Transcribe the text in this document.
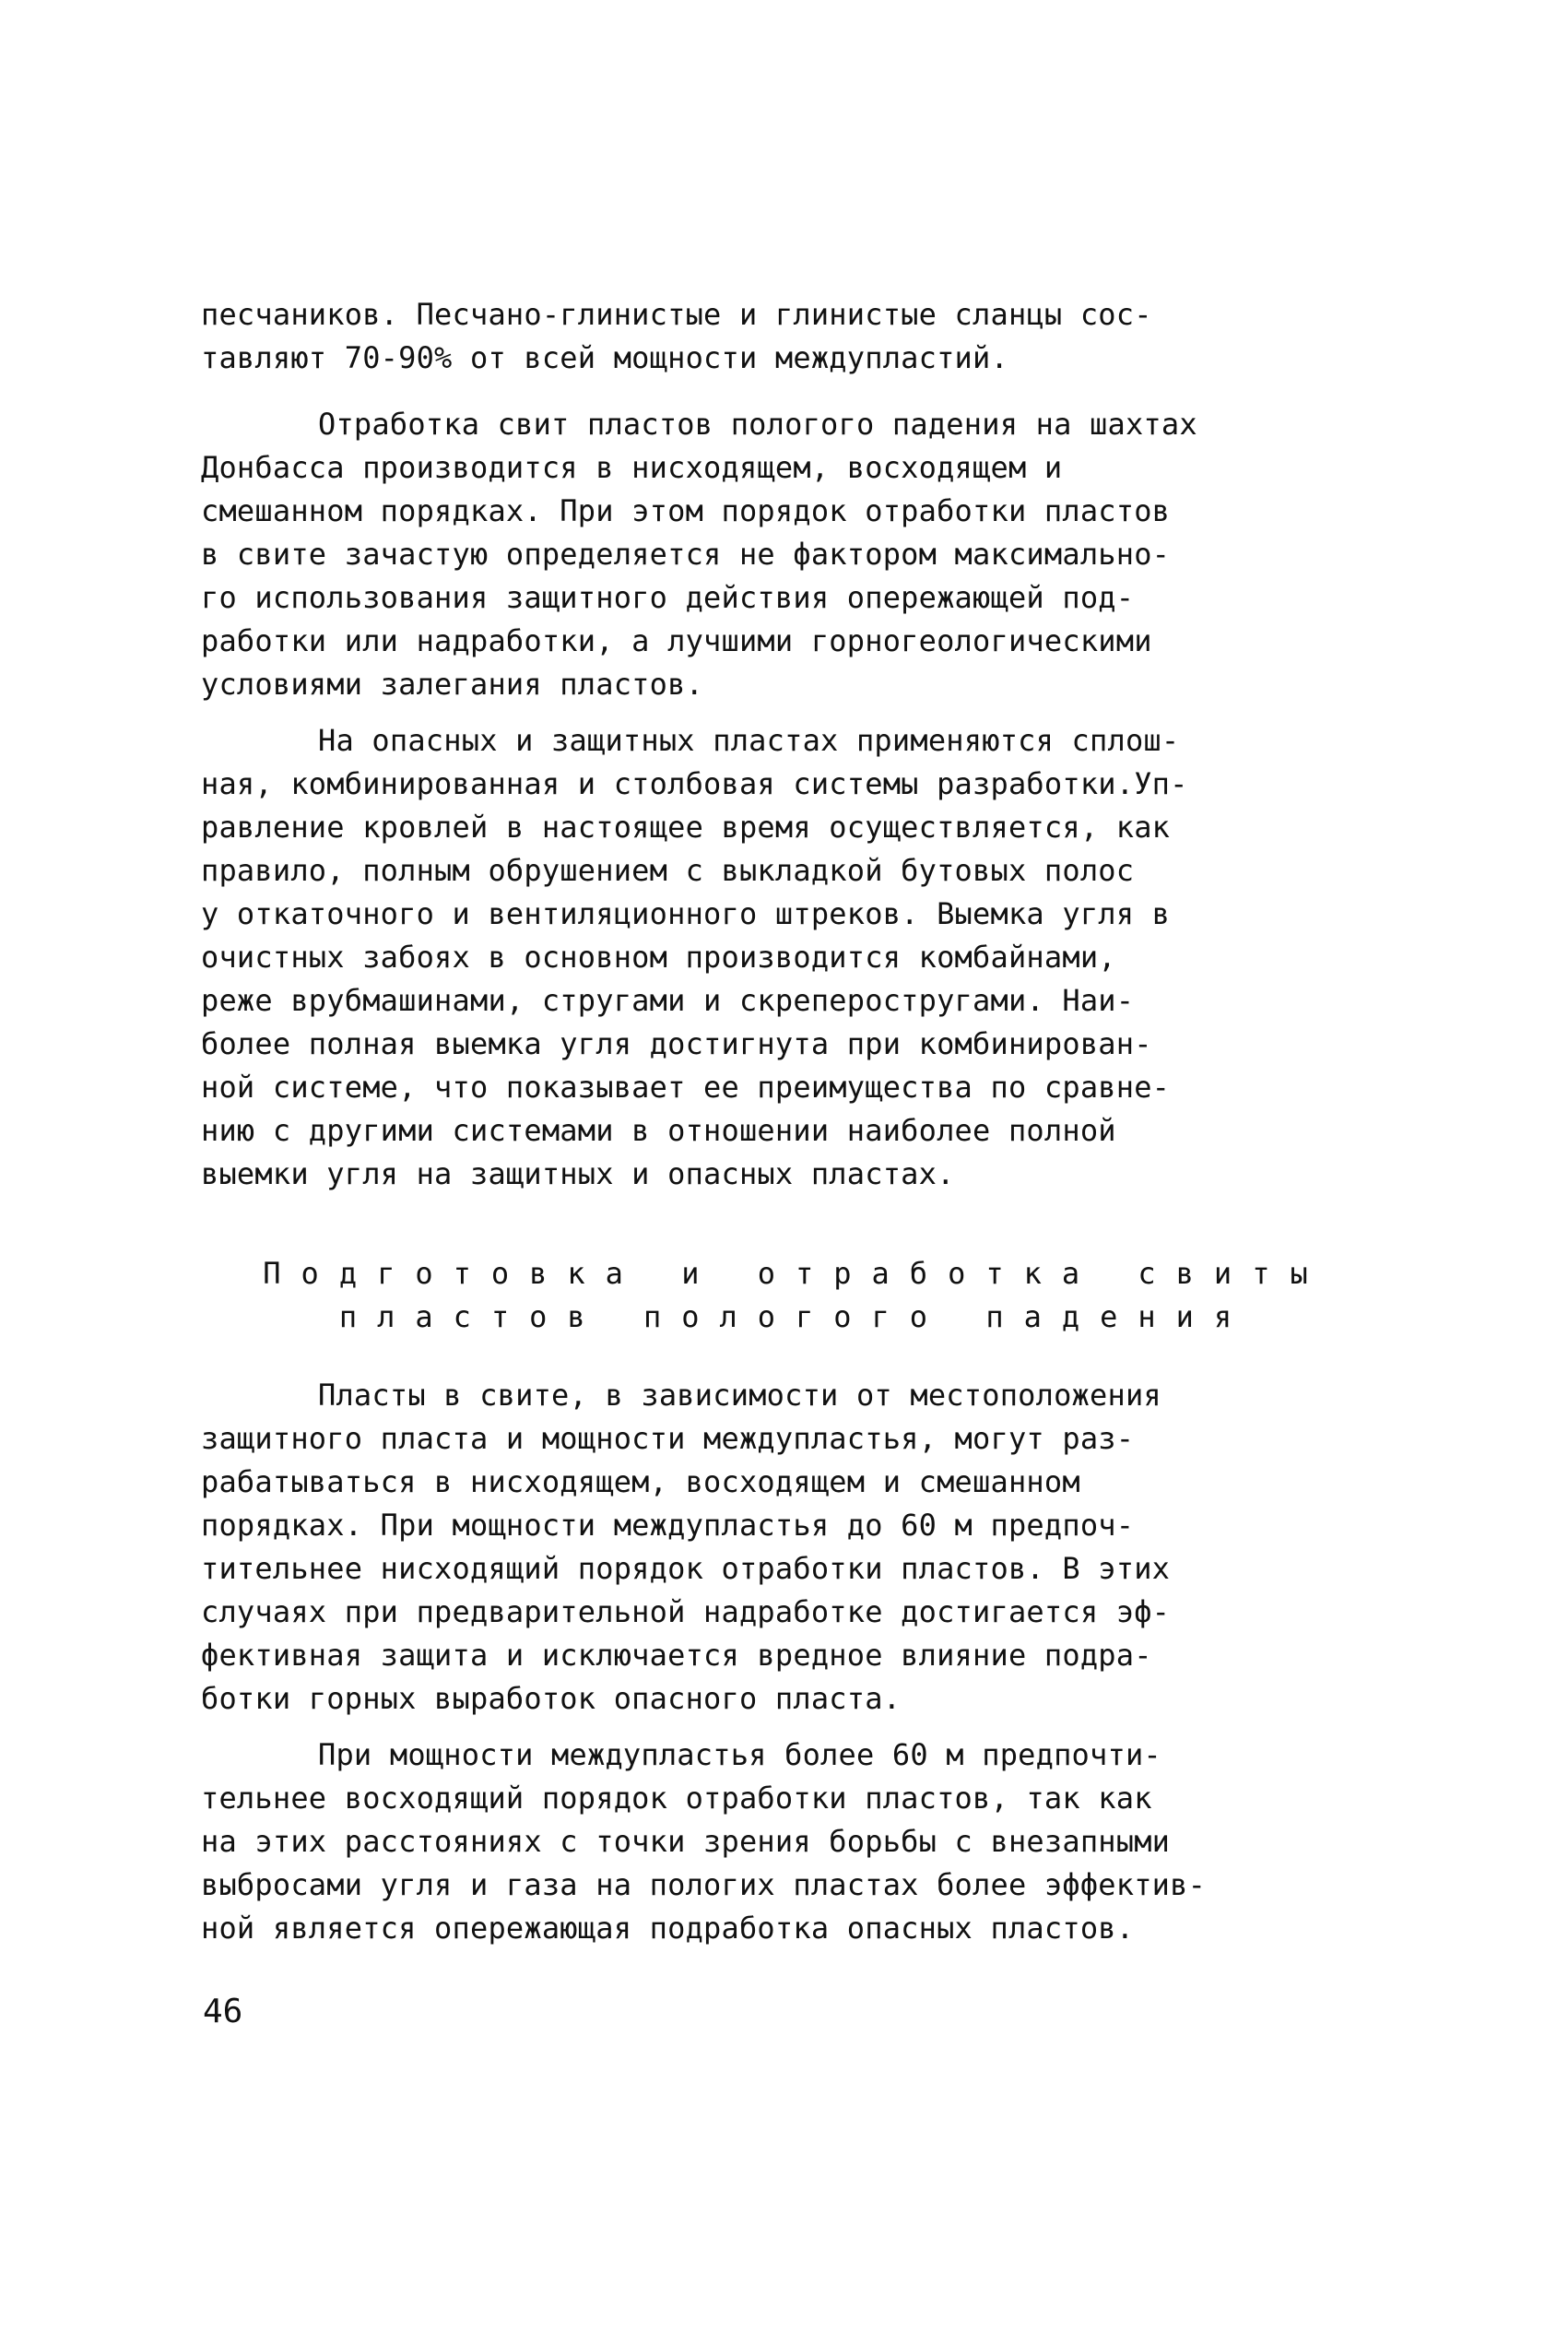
песчаников. Песчано-глинистые и глинистые сланцы сос-
тавляют 70-90% от всей мощности междупластий.
Отработка свит пластов пологого падения на шахтах
Донбасса производится в нисходящем, восходящем и
смешанном порядках. При этом порядок отработки пластов
в свите зачастую определяется не фактором максимально-
го использования защитного действия опережающей под-
работки или надработки, а лучшими горногеологическими
условиями залегания пластов.
На опасных и защитных пластах применяются сплош-
ная, комбинированная и столбовая системы разработки.Уп-
равление кровлей в настоящее время осуществляется, как
правило, полным обрушением с выкладкой бутовых полос
у откаточного и вентиляционного штреков. Выемка угля в
очистных забоях в основном производится комбайнами,
реже врубмашинами, стругами и скреперостругами. Наи-
более полная выемка угля достигнута при комбинирован-
ной системе, что показывает ее преимущества по сравне-
нию с другими системами в отношении наиболее полной
выемки угля на защитных и опасных пластах.
Подготовка и отработка свиты
пластов пологого падения
Пласты в свите, в зависимости от местоположения
защитного пласта и мощности междупластья, могут раз-
рабатываться в нисходящем, восходящем и смешанном
порядках. При мощности междупластья до 60 м предпоч-
тительнее нисходящий порядок отработки пластов. В этих
случаях при предварительной надработке достигается эф-
фективная защита и исключается вредное влияние подра-
ботки горных выработок опасного пласта.
При мощности междупластья более 60 м предпочти-
тельнее восходящий порядок отработки пластов, так как
на этих расстояниях с точки зрения борьбы с внезапными
выбросами угля и газа на пологих пластах более эффектив-
ной является опережающая подработка опасных пластов.
46
